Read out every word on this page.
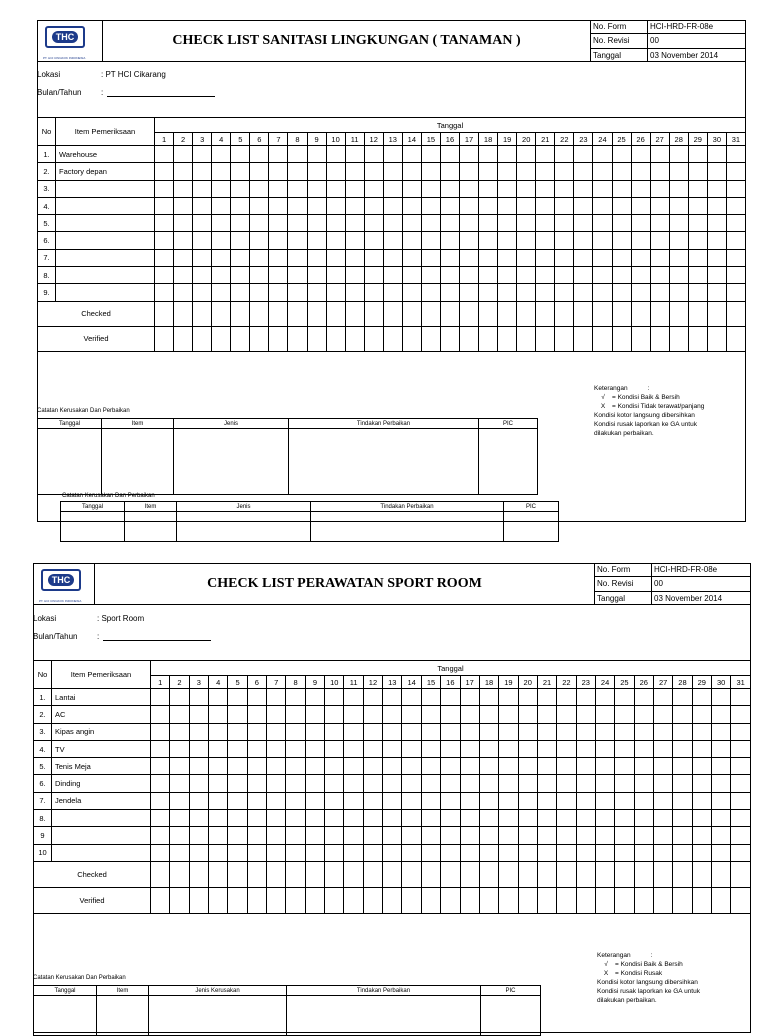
THC
PT. HCI CINGKOK INDONESIA
CHECK LIST SANITASI LINGKUNGAN ( TANAMAN )
No. Form	HCI-HRD-FR-08e
No. Revisi	00
Tanggal	03 November 2014
Lokasi	: PT HCI Cikarang
Bulan/Tahun :
No	Item Pemeriksaan	Tanggal																														
		1	2	3	4	5	6	7	8	9	10	11	12	13	14	15	16	17	18	19	20	21	22	23	24	25	26	27	28	29	30	31
1.	Warehouse																															
2.	Factory depan																															
3.																																
4.																																
5.																																
6.																																
7.																																
8.																																
9.																																
Checked																																
Verified																																
Keterangan	:
√ = Kondisi Baik & Bersih
X = Kondisi Tidak terawat/panjang
Kondisi kotor langsung dibersihkan
Kondisi rusak laporkan ke GA untuk
dilakukan perbaikan.
Catatan Kerusakan Dan Perbaikan
Tanggal	Item	Jenis	Tindakan Perbaikan	PIC

Catatan Kerusakan Dan Perbaikan
Tanggal	Item	Jenis	Tindakan Perbaikan	PIC

THC
PT. HCI CINGKOK INDONESIA
CHECK LIST PERAWATAN SPORT ROOM
No. Form	HCI-HRD-FR-08e
No. Revisi	00
Tanggal	03 November 2014
Lokasi	: Sport Room
Bulan/Tahun :
No	Item Pemeriksaan	Tanggal																														
		1	2	3	4	5	6	7	8	9	10	11	12	13	14	15	16	17	18	19	20	21	22	23	24	25	26	27	28	29	30	31
1.	Lantai																															
2.	AC																															
3.	Kipas angin																															
4.	TV																															
5.	Tenis Meja																															
6.	Dinding																															
7.	Jendela																															
8.																																
9																																
10																																
Checked																																
Verified																																
Keterangan	:
√ = Kondisi Baik & Bersih
X = Kondisi Rusak
Kondisi kotor langsung dibersihkan
Kondisi rusak laporkan ke GA untuk
dilakukan perbaikan.
Catatan Kerusakan Dan Perbaikan
Tanggal	Item	Jenis Kerusakan	Tindakan Perbaikan	PIC
